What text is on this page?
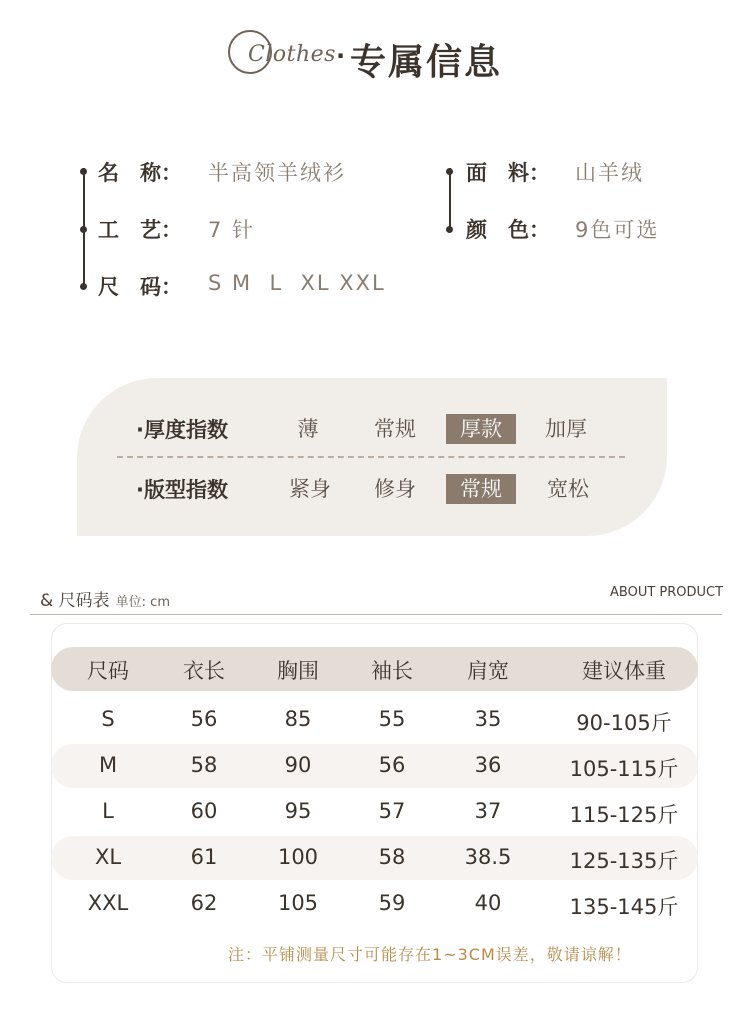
Clothes · 专属信息
名　称： 半高领羊绒衫
工　艺： 7 针
尺　码： S M  L  XL XXL
面　料： 山羊绒
颜　色： 9色可选
·厚度指数	薄	常规	厚款	加厚
·版型指数	紧身	修身	常规	宽松
& 尺码表 单位: cm
ABOUT PRODUCT
尺码	衣长	胸围	袖长	肩宽	建议体重
S	56	85	55	35	90-105斤
M	58	90	56	36	105-115斤
L	60	95	57	37	115-125斤
XL	61	100	58	38.5	125-135斤
XXL	62	105	59	40	135-145斤
注：平铺测量尺寸可能存在1~3CM误差，敬请谅解！
